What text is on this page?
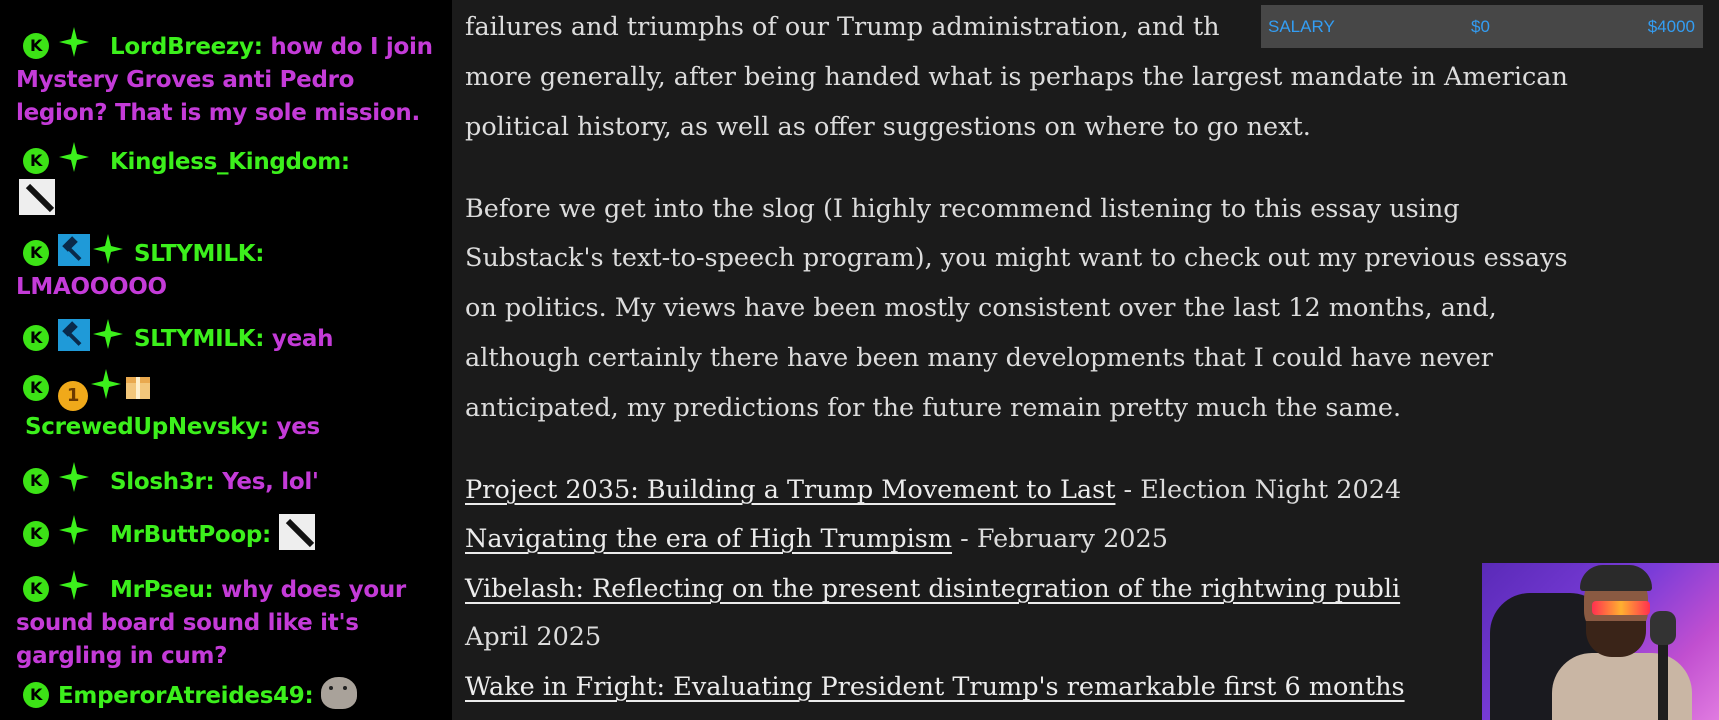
K
LordBreezy: how do I join Mystery Groves anti Pedro legion? That is my sole mission.
K
Kingless_Kingdom:

K
SLTYMILK:
LMAOOOOO
K
SLTYMILK: yeah
K1

ScrewedUpNevsky: yes
K
Slosh3r: Yes, lol'
K
MrButtPoop:
K
MrPseu: why does your sound board sound like it's gargling in cum?
KEmperorAtreides49:
failures and triumphs of our Trump administration, and th
more generally, after being handed what is perhaps the largest mandate in American
political history, as well as offer suggestions on where to go next.
Before we get into the slog (I highly recommend listening to this essay using
Substack's text-to-speech program), you might want to check out my previous essays
on politics. My views have been mostly consistent over the last 12 months, and,
although certainly there have been many developments that I could have never
anticipated, my predictions for the future remain pretty much the same.
Project 2035: Building a Trump Movement to Last - Election Night 2024
Navigating the era of High Trumpism - February 2025
Vibelash: Reflecting on the present disintegration of the rightwing publi
April 2025
Wake in Fright: Evaluating President Trump's remarkable first 6 months
SALARY	$0	$4000
